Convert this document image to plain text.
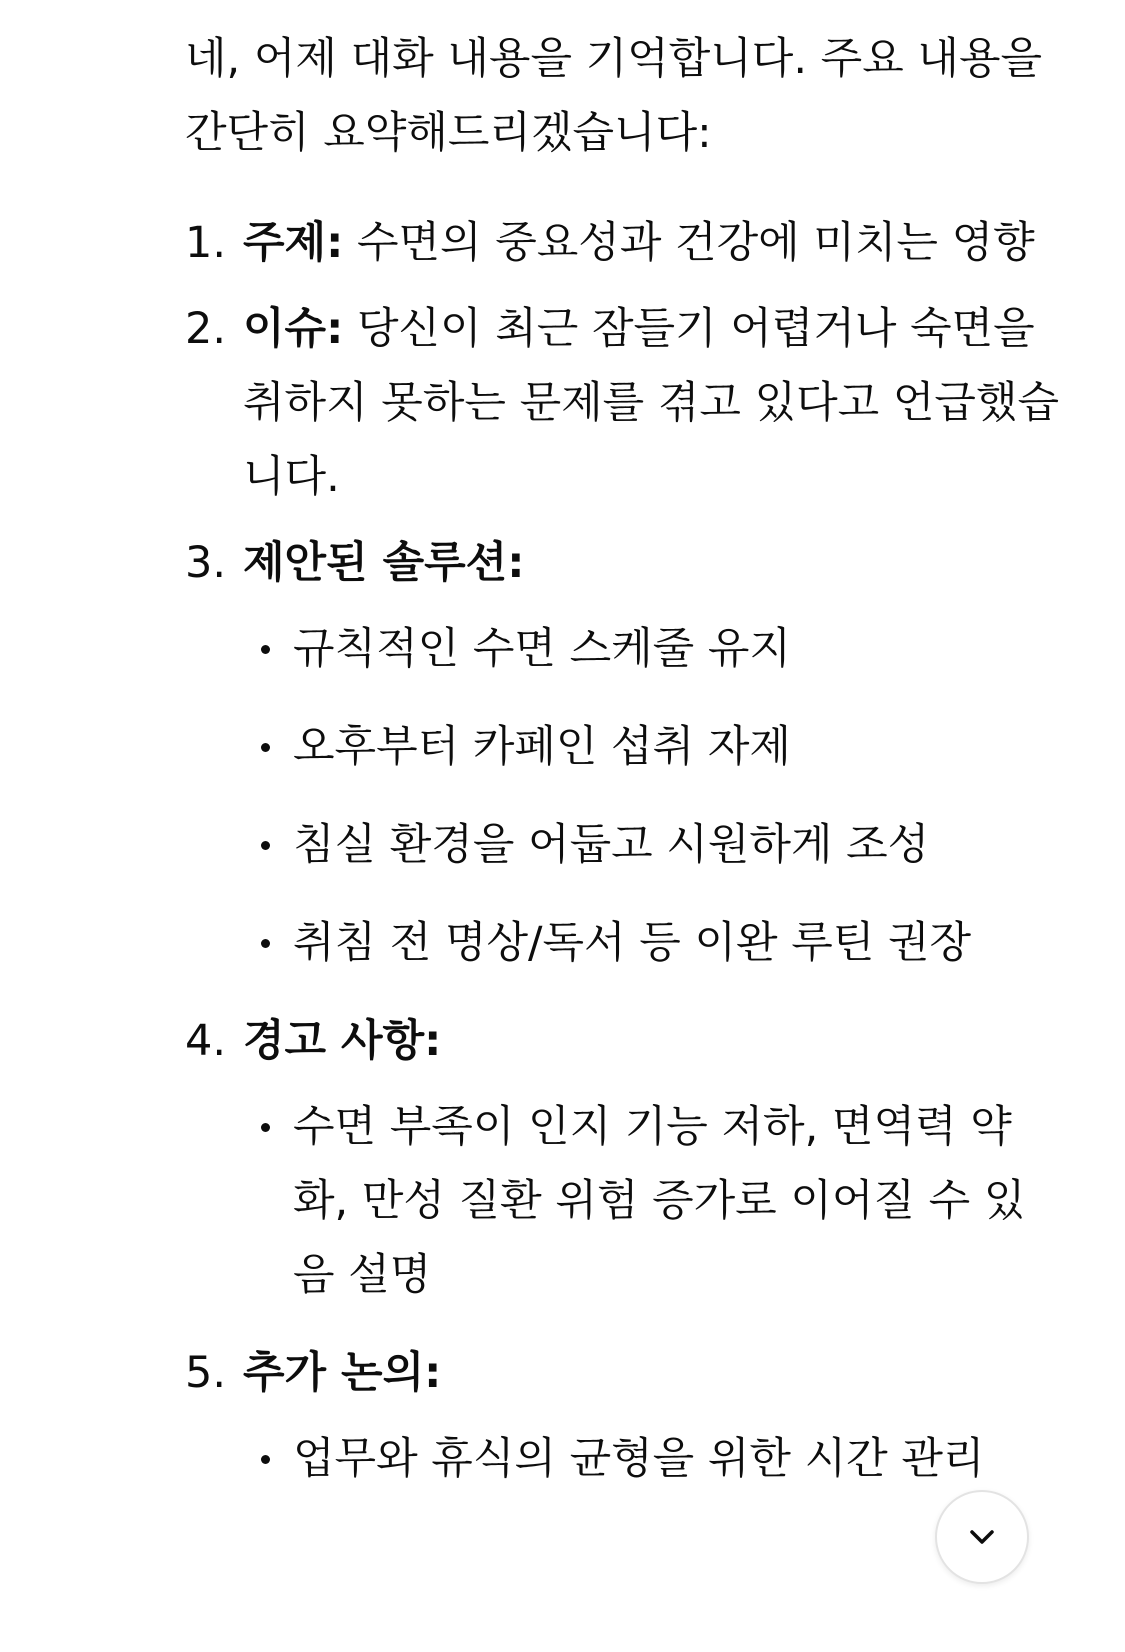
네, 어제 대화 내용을 기억합니다. 주요 내용을 간단히 요약해드리겠습니다:

1. 주제: 수면의 중요성과 건강에 미치는 영향
2. 이슈: 당신이 최근 잠들기 어렵거나 숙면을 취하지 못하는 문제를 겪고 있다고 언급했습니다.
3. 제안된 솔루션:
규칙적인 수면 스케줄 유지
오후부터 카페인 섭취 자제
침실 환경을 어둡고 시원하게 조성
취침 전 명상/독서 등 이완 루틴 권장
4. 경고 사항:
수면 부족이 인지 기능 저하, 면역력 약화, 만성 질환 위험 증가로 이어질 수 있음 설명
5. 추가 논의:
업무와 휴식의 균형을 위한 시간 관리
